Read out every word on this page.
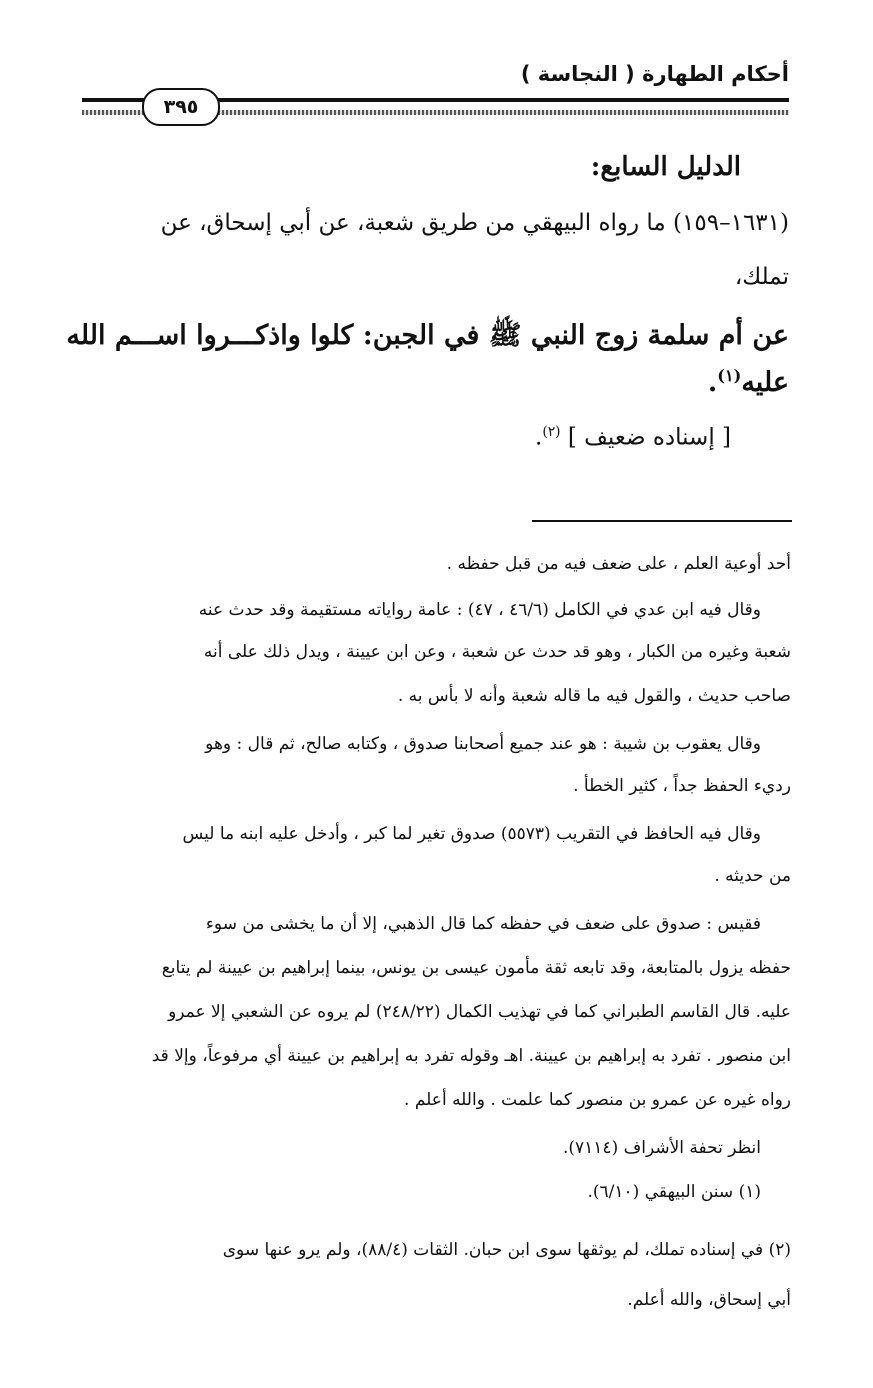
أحكام الطهارة ( النجاسة )
٣٩٥
الدليل السابع:
(١٦٣١–١٥٩) ما رواه البيهقي من طريق شعبة، عن أبي إسحاق، عن
تملك،
عن أم سلمة زوج النبي ﷺ في الجبن: كلوا واذكـــروا اســـم الله
عليه$^{(١)}$.
[ إسناده ضعيف ] $^{(٢)}$.
أحد أوعية العلم ، على ضعف فيه من قبل حفظه .
وقال فيه ابن عدي في الكامل (٤٦/٦ ، ٤٧) : عامة رواياته مستقيمة وقد حدث عنه
شعبة وغيره من الكبار ، وهو قد حدث عن شعبة ، وعن ابن عيينة ، ويدل ذلك على أنه
صاحب حديث ، والقول فيه ما قاله شعبة وأنه لا بأس به .
وقال يعقوب بن شيبة : هو عند جميع أصحابنا صدوق ، وكتابه صالح، ثم قال : وهو
رديء الحفظ جداً ، كثير الخطأ .
وقال فيه الحافظ في التقريب (٥٥٧٣) صدوق تغير لما كبر ، وأدخل عليه ابنه ما ليس
من حديثه .
فقيس : صدوق على ضعف في حفظه كما قال الذهبي، إلا أن ما يخشى من سوء
حفظه يزول بالمتابعة، وقد تابعه ثقة مأمون عيسى بن يونس، بينما إبراهيم بن عيينة لم يتابع
عليه. قال القاسم الطبراني كما في تهذيب الكمال (٢٤٨/٢٢) لم يروه عن الشعبي إلا عمرو
ابن منصور . تفرد به إبراهيم بن عيينة. اهـ وقوله تفرد به إبراهيم بن عيينة أي مرفوعاً، وإلا قد
رواه غيره عن عمرو بن منصور كما علمت . والله أعلم .
انظر تحفة الأشراف (٧١١٤).
(١) سنن البيهقي (٦/١٠).
(٢) في إسناده تملك، لم يوثقها سوى ابن حبان. الثقات (٨٨/٤)، ولم يرو عنها سوى
أبي إسحاق، والله أعلم.
